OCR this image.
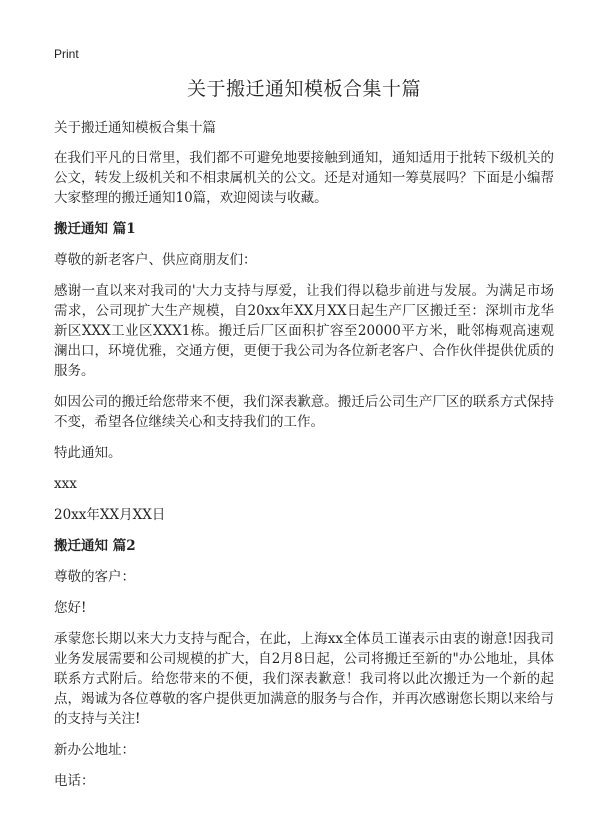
Print
关于搬迁通知模板合集十篇
关于搬迁通知模板合集十篇

在我们平凡的日常里，我们都不可避免地要接触到通知，通知适用于批转下级机关的公文，转发上级机关和不相隶属机关的公文。还是对通知一筹莫展吗？下面是小编帮大家整理的搬迁通知10篇，欢迎阅读与收藏。

搬迁通知 篇1

尊敬的新老客户、供应商朋友们：

感谢一直以来对我司的'大力支持与厚爱，让我们得以稳步前进与发展。为满足市场需求，公司现扩大生产规模，自20xx年XX月XX日起生产厂区搬迁至：深圳市龙华新区XXX工业区XXX1栋。搬迁后厂区面积扩容至20000平方米，毗邻梅观高速观澜出口，环境优雅，交通方便，更便于我公司为各位新老客户、合作伙伴提供优质的服务。

如因公司的搬迁给您带来不便，我们深表歉意。搬迁后公司生产厂区的联系方式保持不变，希望各位继续关心和支持我们的工作。

特此通知。

xxx

20xx年XX月XX日

搬迁通知 篇2

尊敬的客户：

您好!

承蒙您长期以来大力支持与配合，在此，上海xx全体员工谨表示由衷的谢意!因我司业务发展需要和公司规模的扩大，自2月8日起，公司将搬迁至新的"办公地址，具体联系方式附后。给您带来的不便，我们深表歉意！我司将以此次搬迁为一个新的起点，竭诚为各位尊敬的客户提供更加满意的服务与合作，并再次感谢您长期以来给与的支持与关注!

新办公地址：

电话：
